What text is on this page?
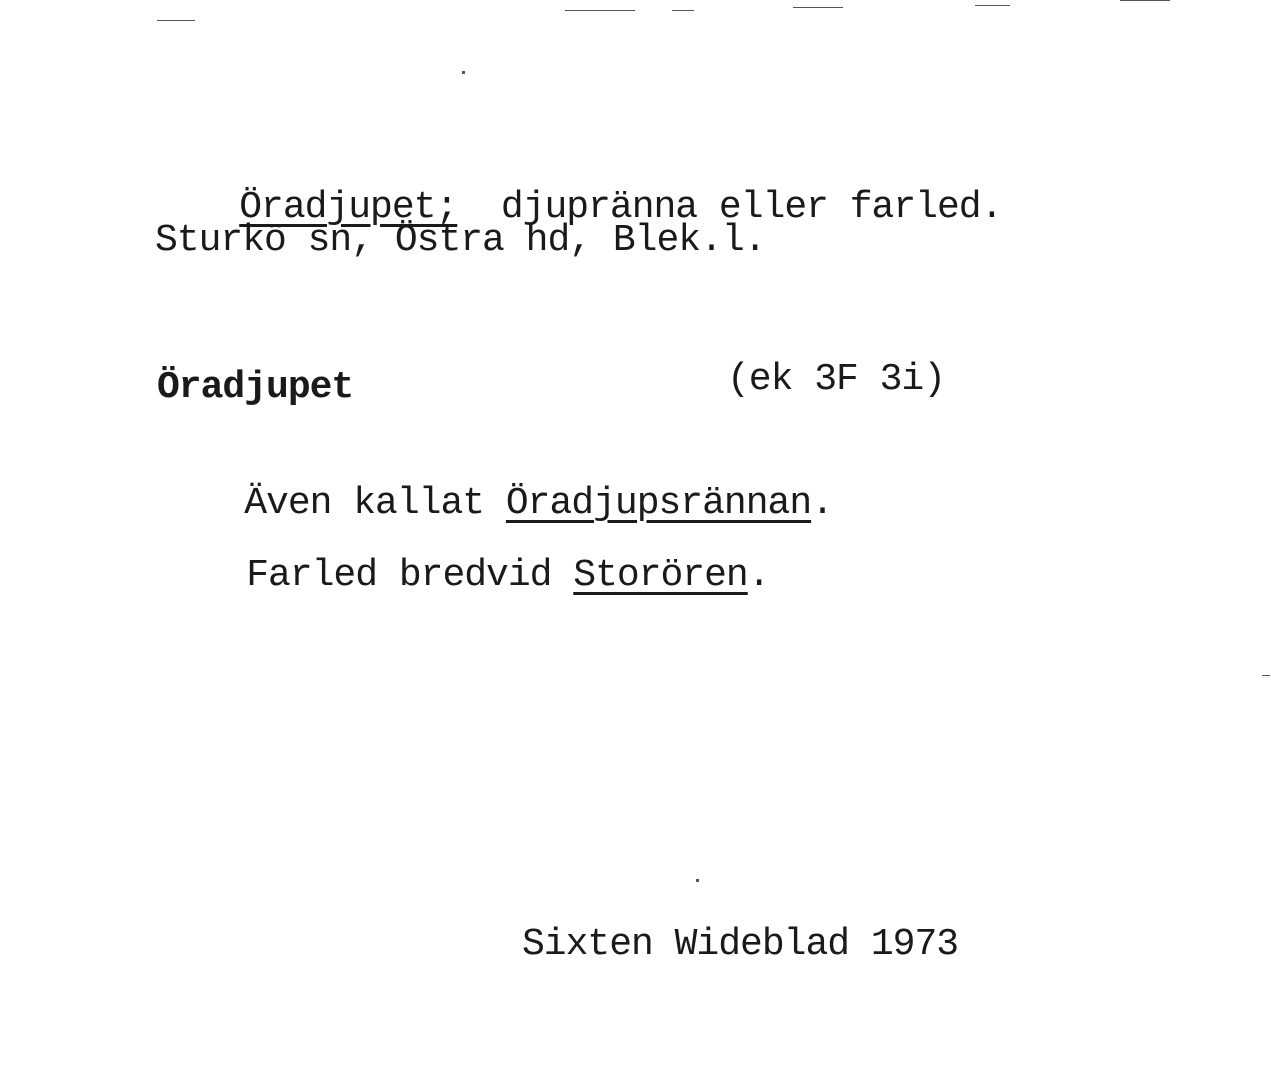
Öradjupet; djupränna eller farled.

Sturkö sn, Östra hd, Blek.l.
Öradjupet	(ek 3F 3i)

Även kallat Öradjupsrännan.

Farled bredvid Storören.

Sixten Wideblad 1973
